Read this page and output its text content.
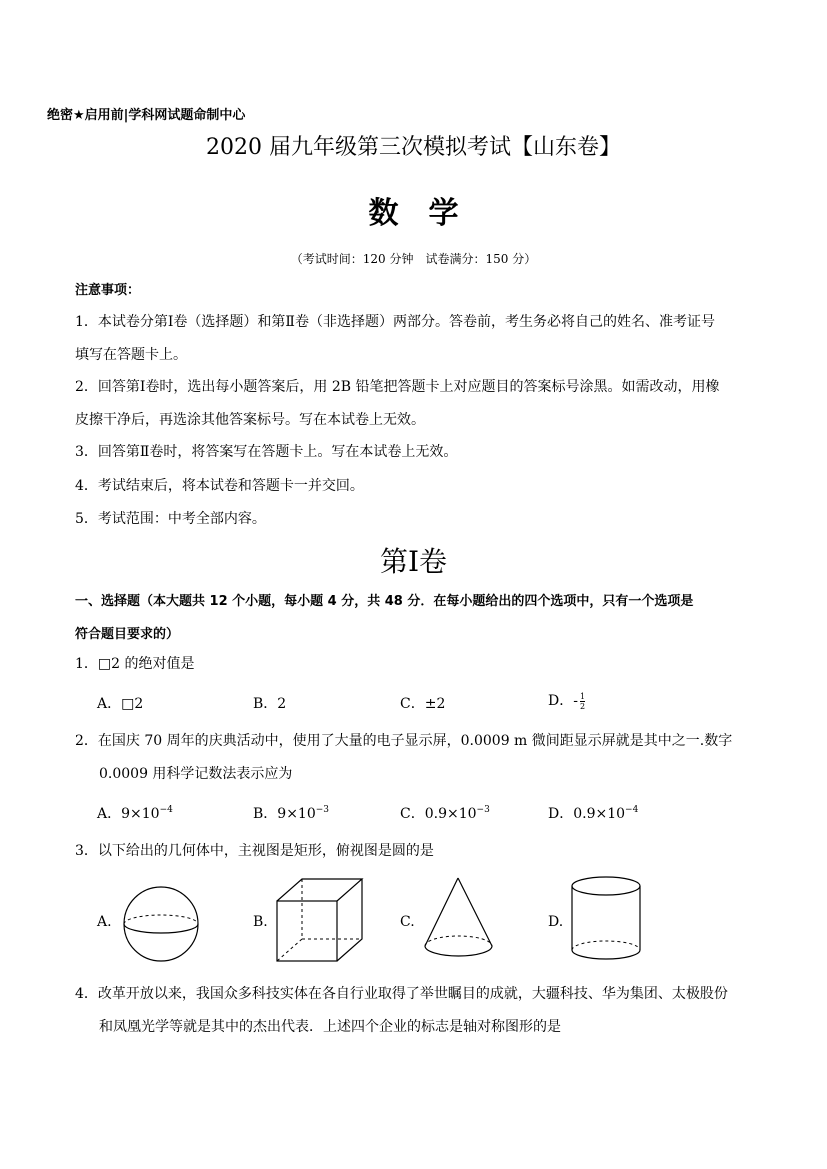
绝密★启用前|学科网试题命制中心
2020 届九年级第三次模拟考试【山东卷】
数　学
（考试时间：120 分钟　试卷满分：150 分）
注意事项：
1．本试卷分第Ⅰ卷（选择题）和第Ⅱ卷（非选择题）两部分。答卷前，考生务必将自己的姓名、准考证号
填写在答题卡上。
2．回答第Ⅰ卷时，选出每小题答案后，用 2B 铅笔把答题卡上对应题目的答案标号涂黑。如需改动，用橡
皮擦干净后，再选涂其他答案标号。写在本试卷上无效。
3．回答第Ⅱ卷时，将答案写在答题卡上。写在本试卷上无效。
4．考试结束后，将本试卷和答题卡一并交回。
5．考试范围：中考全部内容。
第Ⅰ卷
一、选择题（本大题共 12 个小题，每小题 4 分，共 48 分．在每小题给出的四个选项中，只有一个选项是
符合题目要求的）
1．□2 的绝对值是
A．□2	B．2	C．±2	D．- $\frac{1}{2}$
2．在国庆 70 周年的庆典活动中，使用了大量的电子显示屏，0.0009 m 微间距显示屏就是其中之一.数字
0.0009 用科学记数法表示应为
A．$9\times 10^{-4}$	B．$9\times 10^{-3}$	C．$0.9\times 10^{-3}$	D．$0.9\times 10^{-4}$
3．以下给出的几何体中，主视图是矩形，俯视图是圆的是
A.	B.	C.	D.
4．改革开放以来，我国众多科技实体在各自行业取得了举世瞩目的成就，大疆科技、华为集团、太极股份
和凤凰光学等就是其中的杰出代表．上述四个企业的标志是轴对称图形的是
